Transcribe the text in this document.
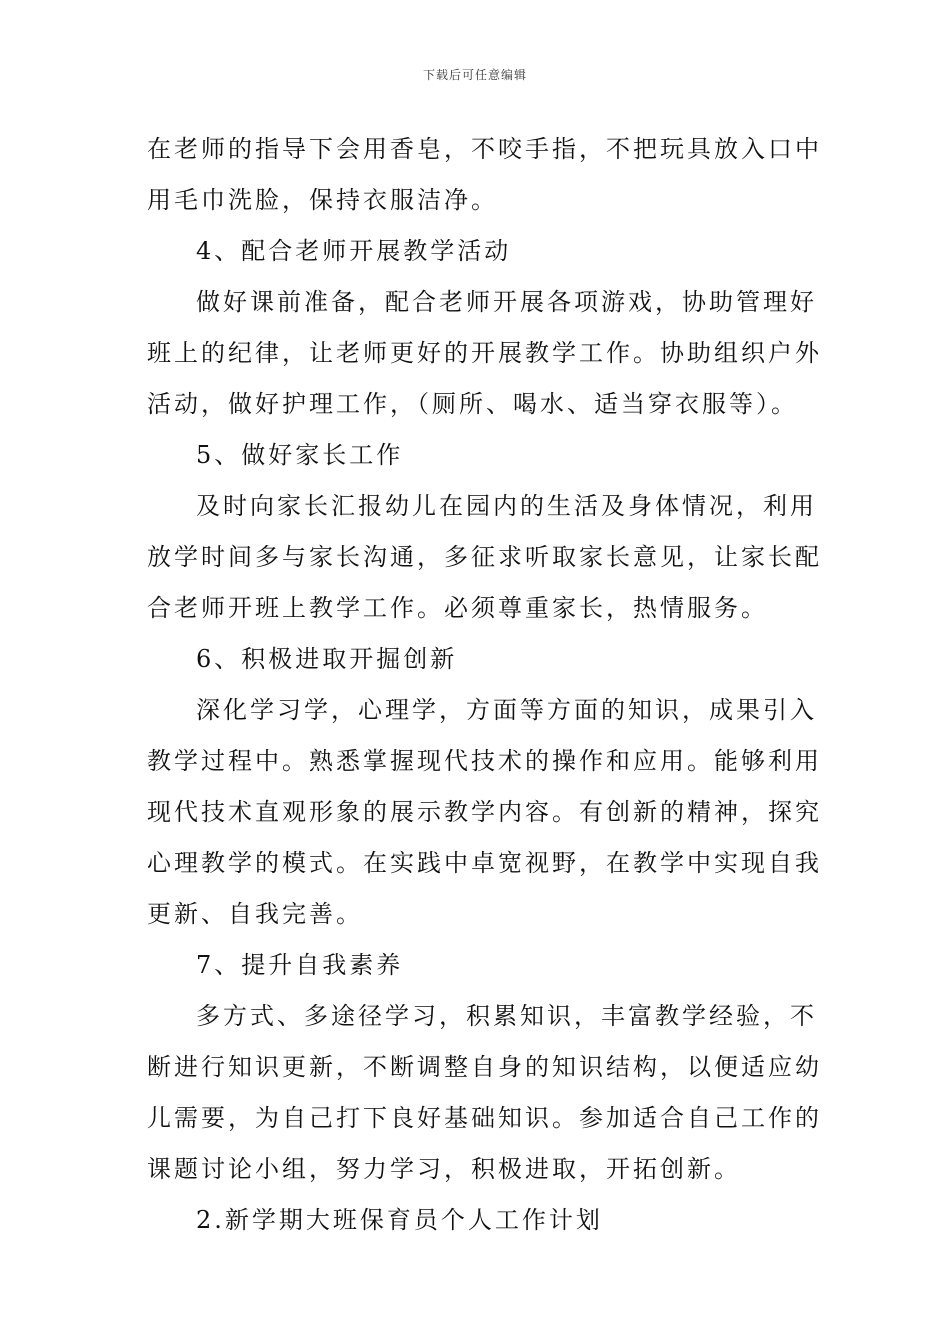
下载后可任意编辑
在老师的指导下会用香皂，不咬手指，不把玩具放入口中
用毛巾洗脸，保持衣服洁净。
4、配合老师开展教学活动
做好课前准备，配合老师开展各项游戏，协助管理好
班上的纪律，让老师更好的开展教学工作。协助组织户外
活动，做好护理工作，（厕所、喝水、适当穿衣服等）。
5、做好家长工作
及时向家长汇报幼儿在园内的生活及身体情况，利用
放学时间多与家长沟通，多征求听取家长意见，让家长配
合老师开班上教学工作。必须尊重家长，热情服务。
6、积极进取开掘创新
深化学习学，心理学，方面等方面的知识，成果引入
教学过程中。熟悉掌握现代技术的操作和应用。能够利用
现代技术直观形象的展示教学内容。有创新的精神，探究
心理教学的模式。在实践中卓宽视野，在教学中实现自我
更新、自我完善。
7、提升自我素养
多方式、多途径学习，积累知识，丰富教学经验，不
断进行知识更新，不断调整自身的知识结构，以便适应幼
儿需要，为自己打下良好基础知识。参加适合自己工作的
课题讨论小组，努力学习，积极进取，开拓创新。
2.新学期大班保育员个人工作计划
